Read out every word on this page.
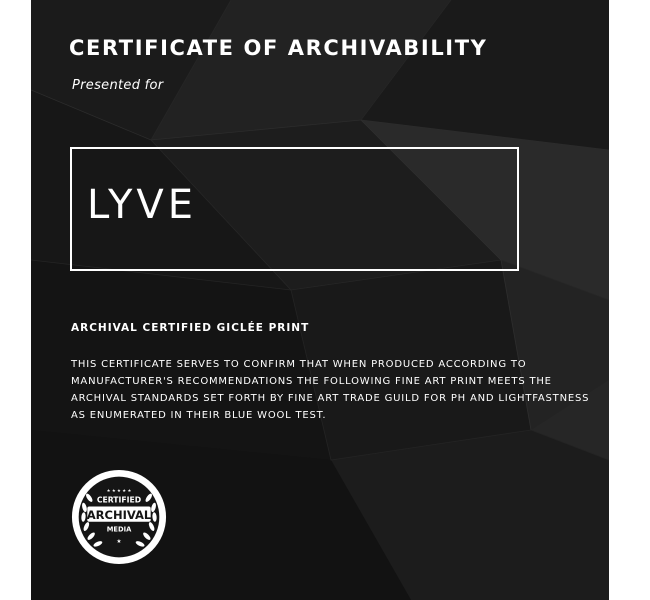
CERTIFICATE OF ARCHIVABILITY

Presented for

LYVE
ARCHIVAL CERTIFIED GICLÉE PRINT

THIS CERTIFICATE SERVES TO CONFIRM THAT WHEN PRODUCED ACCORDING TO
MANUFACTURER'S RECOMMENDATIONS THE FOLLOWING FINE ART PRINT MEETS THE
ARCHIVAL STANDARDS SET FORTH BY FINE ART TRADE GUILD FOR PH AND LIGHTFASTNESS
AS ENUMERATED IN THEIR BLUE WOOL TEST.

★ ★ ★ ★ ★
CERTIFIED
ARCHIVAL
MEDIA
★
